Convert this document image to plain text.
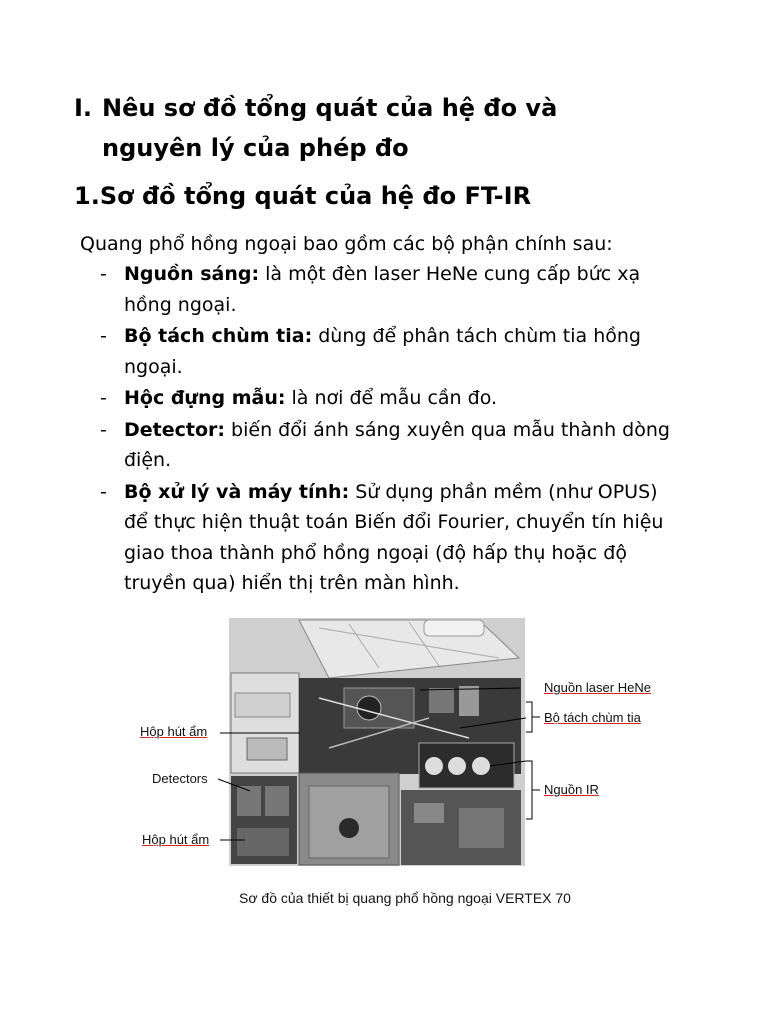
I. Nêu sơ đồ tổng quát của hệ đo và nguyên lý của phép đo
1.Sơ đồ tổng quát của hệ đo FT-IR

Quang phổ hồng ngoại bao gồm các bộ phận chính sau:

- Nguồn sáng: là một đèn laser HeNe cung cấp bức xạ hồng ngoại.
- Bộ tách chùm tia: dùng để phân tách chùm tia hồng ngoại.
- Hộc đựng mẫu: là nơi để mẫu cần đo.
- Detector: biến đổi ánh sáng xuyên qua mẫu thành dòng điện.
- Bộ xử lý và máy tính: Sử dụng phần mềm (như OPUS) để thực hiện thuật toán Biến đổi Fourier, chuyển tín hiệu giao thoa thành phổ hồng ngoại (độ hấp thụ hoặc độ truyền qua) hiển thị trên màn hình.
Hộp hút ẩm
Detectors
Hộp hút ẩm
Nguồn laser HeNe
Bộ tách chùm tia
Nguồn IR
Sơ đồ của thiết bị quang phổ hồng ngoại VERTEX 70
